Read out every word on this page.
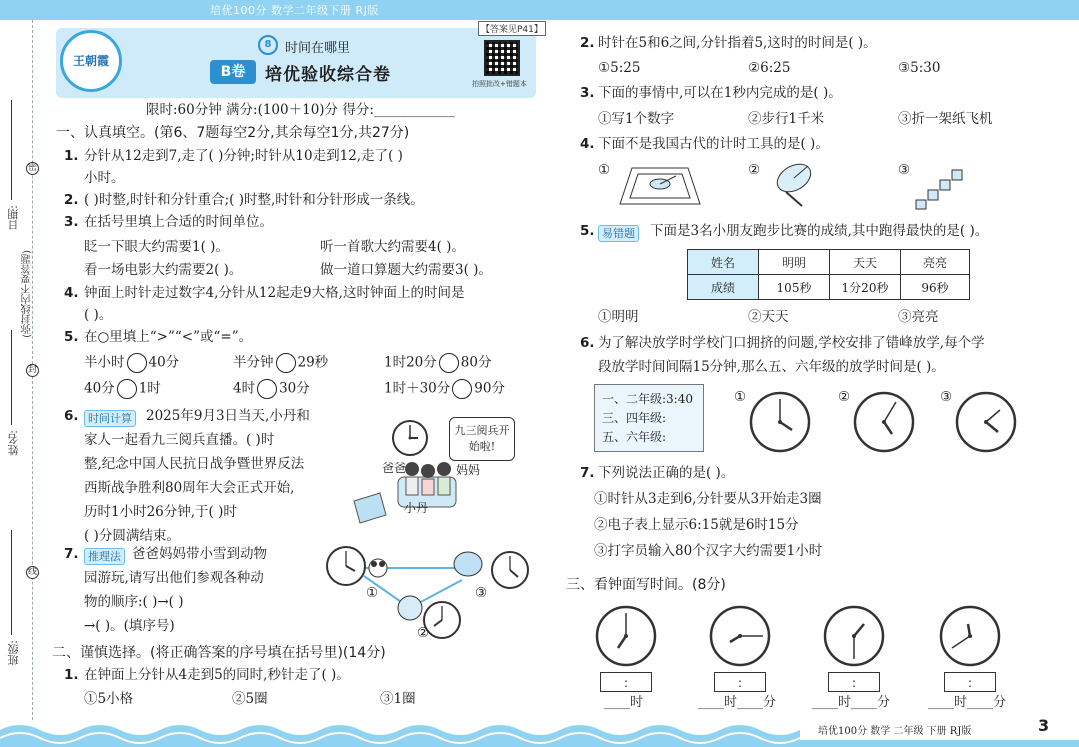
培优100分 数学二年级下册 RJ版
日期:
(弥封线内不要答题)
姓名:
班级:
密
封
线
王朝霞
8	时间在哪里
B卷	培优验收综合卷
【答案见P41】
拍照批改+错题本
限时:60分钟 满分:(100＋10)分 得分:____________
一、认真填空。(第6、7题每空2分,其余每空1分,共27分)
1. 分针从12走到7,走了( )分钟;时针从10走到12,走了( )
小时。
2. ( )时整,时针和分针重合;( )时整,时针和分针形成一条线。
3. 在括号里填上合适的时间单位。
眨一下眼大约需要1( )。	听一首歌大约需要4( )。
看一场电影大约需要2( )。	做一道口算题大约需要3( )。
4. 钟面上时针走过数字4,分针从12起走9大格,这时钟面上的时间是
( )。
5. 在○里填上“>”“<”或“=”。
半小时 40分	半分钟 29秒	1时20分 80分
40分 1时	4时 30分	1时＋30分 90分
6. 时间计算 2025年9月3日当天,小丹和
家人一起看九三阅兵直播。( )时
整,纪念中国人民抗日战争暨世界反法
西斯战争胜利80周年大会正式开始,
历时1小时26分钟,于( )时
( )分圆满结束。
九三阅兵开始啦!
爸爸	妈妈
小丹
7. 推理法 爸爸妈妈带小雪到动物
园游玩,请写出他们参观各种动
物的顺序:( )→( )
→( )。(填序号)
①
②
③
二、谨慎选择。(将正确答案的序号填在括号里)(14分)
1. 在钟面上分针从4走到5的同时,秒针走了( )。
①5小格	②5圈	③1圈
2. 时针在5和6之间,分针指着5,这时的时间是( )。
①5:25	②6:25	③5:30
3. 下面的事情中,可以在1秒内完成的是( )。
①写1个数字	②步行1千米	③折一架纸飞机
4. 下面不是我国古代的计时工具的是( )。
①	②	③
5. 易错题 下面是3名小朋友跑步比赛的成绩,其中跑得最快的是( )。
姓名	明明	天天	亮亮
成绩	105秒	1分20秒	96秒
①明明	②天天	③亮亮
6. 为了解决放学时学校门口拥挤的问题,学校安排了错峰放学,每个学
段放学时间间隔15分钟,那么五、六年级的放学时间是( )。
一、二年级:3:40
三、四年级:
五、六年级:
①	②	③
7. 下列说法正确的是( )。
①时针从3走到6,分针要从3开始走3圈
②电子表上显示6:15就是6时15分
③打字员输入80个汉字大约需要1小时
三、看钟面写时间。(8分)
:	:	:	:
____时	____时____分	____时____分	____时____分
培优100分 数学 二年级 下册 RJ版	3
